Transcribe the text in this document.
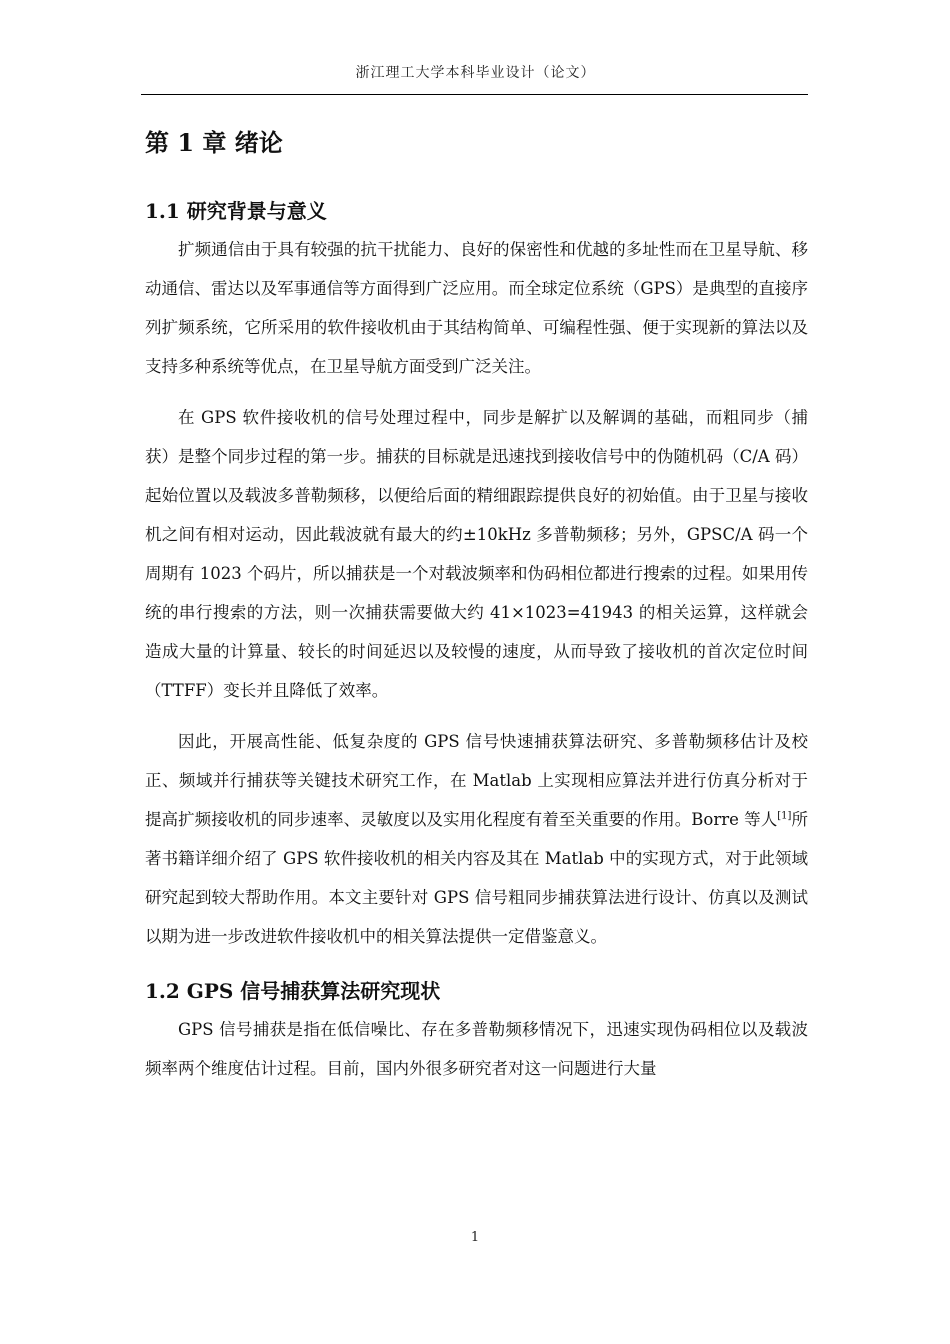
浙江理工大学本科毕业设计（论文）
第 1 章 绪论
1.1 研究背景与意义

扩频通信由于具有较强的抗干扰能力、良好的保密性和优越的多址性而在卫星导航、移动通信、雷达以及军事通信等方面得到广泛应用。而全球定位系统（GPS）是典型的直接序列扩频系统，它所采用的软件接收机由于其结构简单、可编程性强、便于实现新的算法以及支持多种系统等优点，在卫星导航方面受到广泛关注。

在 GPS 软件接收机的信号处理过程中，同步是解扩以及解调的基础，而粗同步（捕获）是整个同步过程的第一步。捕获的目标就是迅速找到接收信号中的伪随机码（C/A 码）起始位置以及载波多普勒频移，以便给后面的精细跟踪提供良好的初始值。由于卫星与接收机之间有相对运动，因此载波就有最大的约±10kHz 多普勒频移；另外，GPSC/A 码一个周期有 1023 个码片，所以捕获是一个对载波频率和伪码相位都进行搜索的过程。如果用传统的串行搜索的方法，则一次捕获需要做大约 41×1023=41943 的相关运算，这样就会造成大量的计算量、较长的时间延迟以及较慢的速度，从而导致了接收机的首次定位时间（TTFF）变长并且降低了效率。

因此，开展高性能、低复杂度的 GPS 信号快速捕获算法研究、多普勒频移估计及校正、频域并行捕获等关键技术研究工作，在 Matlab 上实现相应算法并进行仿真分析对于提高扩频接收机的同步速率、灵敏度以及实用化程度有着至关重要的作用。Borre 等人[1]所著书籍详细介绍了 GPS 软件接收机的相关内容及其在 Matlab 中的实现方式，对于此领域研究起到较大帮助作用。本文主要针对 GPS 信号粗同步捕获算法进行设计、仿真以及测试以期为进一步改进软件接收机中的相关算法提供一定借鉴意义。

1.2 GPS 信号捕获算法研究现状

GPS 信号捕获是指在低信噪比、存在多普勒频移情况下，迅速实现伪码相位以及载波频率两个维度估计过程。目前，国内外很多研究者对这一问题进行大量

1
